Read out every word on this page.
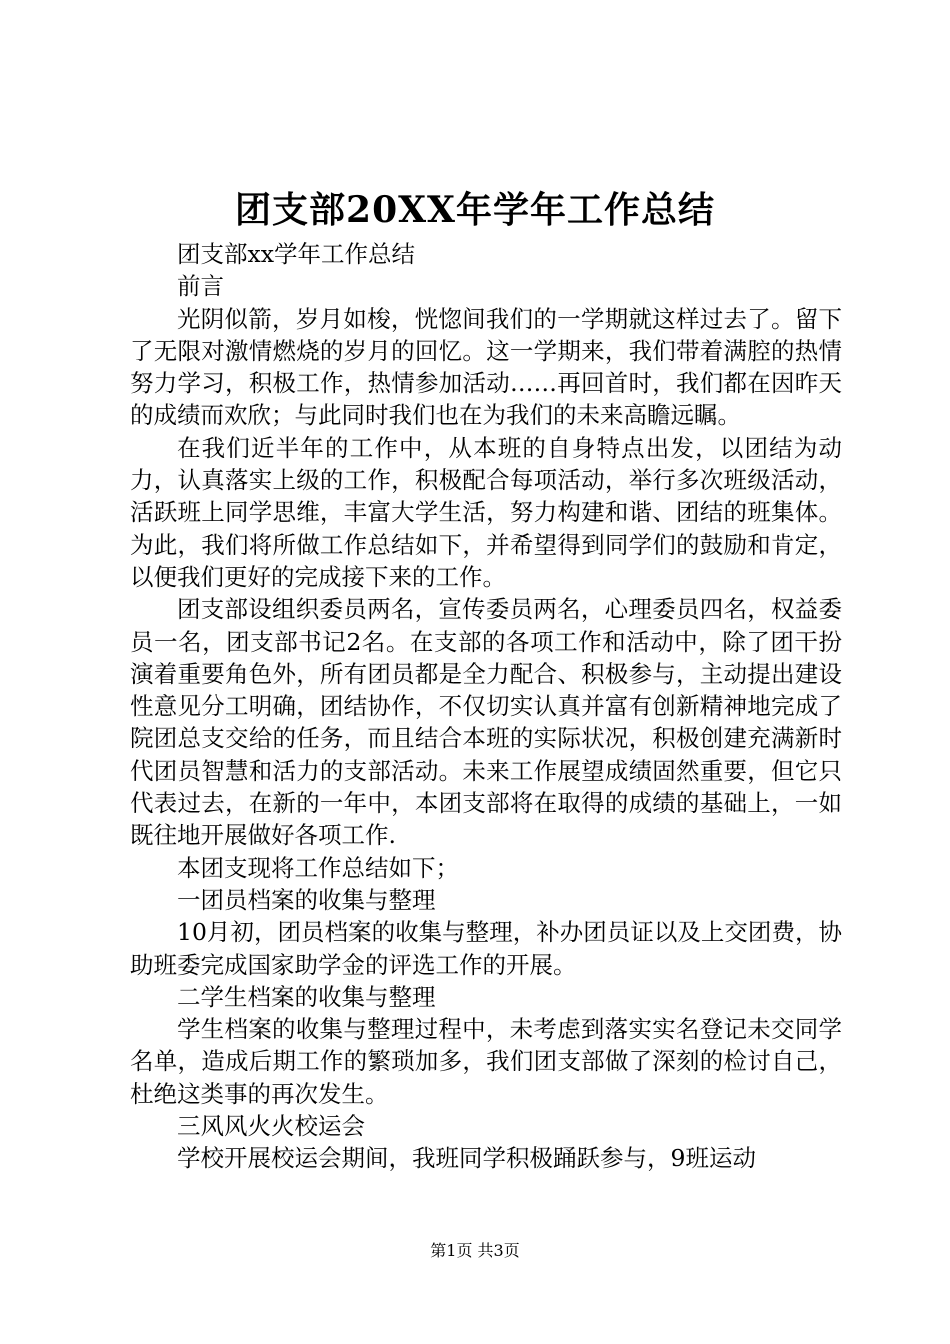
团支部20XX年学年工作总结

团支部xx学年工作总结

前言

光阴似箭，岁月如梭，恍惚间我们的一学期就这样过去了。留下了无限对激情燃烧的岁月的回忆。这一学期来，我们带着满腔的热情努力学习，积极工作，热情参加活动……再回首时，我们都在因昨天的成绩而欢欣；与此同时我们也在为我们的未来高瞻远瞩。

在我们近半年的工作中，从本班的自身特点出发，以团结为动力，认真落实上级的工作，积极配合每项活动，举行多次班级活动，活跃班上同学思维，丰富大学生活，努力构建和谐、团结的班集体。为此，我们将所做工作总结如下，并希望得到同学们的鼓励和肯定，以便我们更好的完成接下来的工作。

团支部设组织委员两名，宣传委员两名，心理委员四名，权益委员一名，团支部书记2名。在支部的各项工作和活动中，除了团干扮演着重要角色外，所有团员都是全力配合、积极参与，主动提出建设性意见分工明确，团结协作，不仅切实认真并富有创新精神地完成了院团总支交给的任务，而且结合本班的实际状况，积极创建充满新时代团员智慧和活力的支部活动。未来工作展望成绩固然重要，但它只代表过去，在新的一年中，本团支部将在取得的成绩的基础上，一如既往地开展做好各项工作.

本团支现将工作总结如下；

一团员档案的收集与整理

10月初，团员档案的收集与整理，补办团员证以及上交团费，协助班委完成国家助学金的评选工作的开展。

二学生档案的收集与整理

学生档案的收集与整理过程中，未考虑到落实实名登记未交同学名单，造成后期工作的繁琐加多，我们团支部做了深刻的检讨自己，杜绝这类事的再次发生。

三风风火火校运会

学校开展校运会期间，我班同学积极踊跃参与，9班运动

第1页 共3页
